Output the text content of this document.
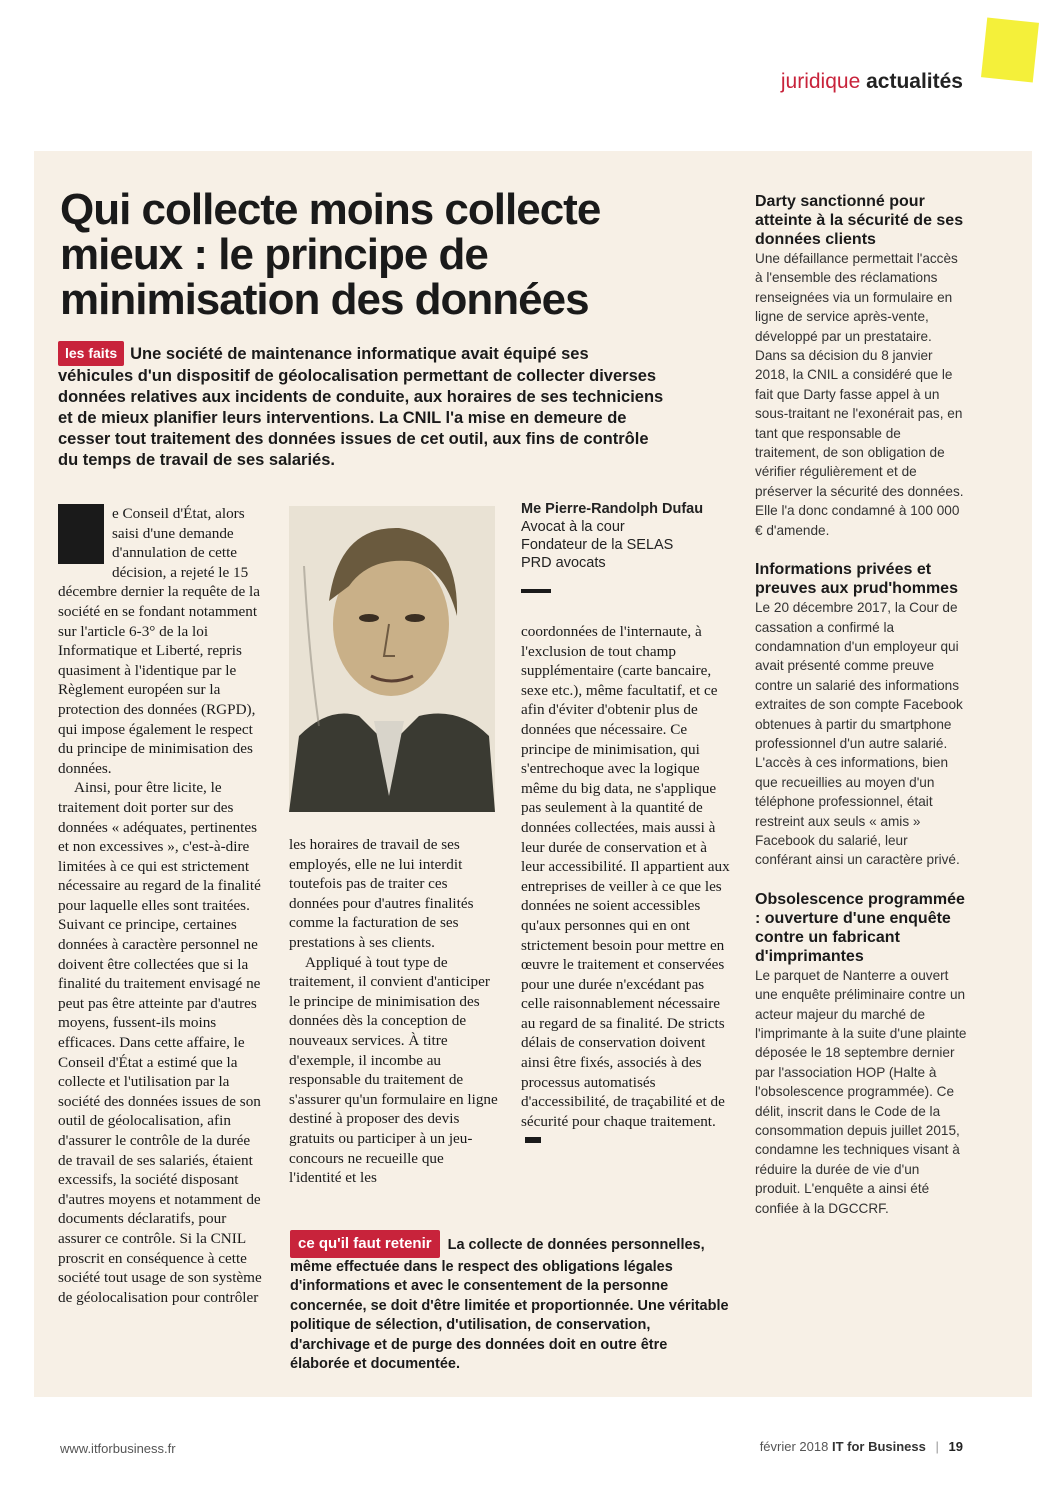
juridique actualités
Qui collecte moins collecte mieux : le principe de minimisation des données
les faits Une société de maintenance informatique avait équipé ses véhicules d'un dispositif de géolocalisation permettant de collecter diverses données relatives aux incidents de conduite, aux horaires de ses techniciens et de mieux planifier leurs interventions. La CNIL l'a mise en demeure de cesser tout traitement des données issues de cet outil, aux fins de contrôle du temps de travail de ses salariés.

L e Conseil d'État, alors saisi d'une demande d'annulation de cette décision, a rejeté le 15 décembre dernier la requête de la société en se fondant notamment sur l'article 6-3° de la loi Informatique et Liberté, repris quasiment à l'identique par le Règlement européen sur la protection des données (RGPD), qui impose également le respect du principe de minimisation des données.

Ainsi, pour être licite, le traitement doit porter sur des données « adéquates, pertinentes et non excessives », c'est-à-dire limitées à ce qui est strictement nécessaire au regard de la finalité pour laquelle elles sont traitées. Suivant ce principe, certaines données à caractère personnel ne doivent être collectées que si la finalité du traitement envisagé ne peut pas être atteinte par d'autres moyens, fussent-ils moins efficaces. Dans cette affaire, le Conseil d'État a estimé que la collecte et l'utilisation par la société des données issues de son outil de géolocalisation, afin d'assurer le contrôle de la durée de travail de ses salariés, étaient excessifs, la société disposant d'autres moyens et notamment de documents déclaratifs, pour assurer ce contrôle. Si la CNIL proscrit en conséquence à cette société tout usage de son système de géolocalisation pour contrôler

les horaires de travail de ses employés, elle ne lui interdit toutefois pas de traiter ces données pour d'autres finalités comme la facturation de ses prestations à ses clients.

Appliqué à tout type de traitement, il convient d'anticiper le principe de minimisation des données dès la conception de nouveaux services. À titre d'exemple, il incombe au responsable du traitement de s'assurer qu'un formulaire en ligne destiné à proposer des devis gratuits ou participer à un jeu-concours ne recueille que l'identité et les

Me Pierre-Randolph Dufau
Avocat à la cour
Fondateur de la SELAS
PRD avocats

coordonnées de l'internaute, à l'exclusion de tout champ supplémentaire (carte bancaire, sexe etc.), même facultatif, et ce afin d'éviter d'obtenir plus de données que nécessaire. Ce principe de minimisation, qui s'entrechoque avec la logique même du big data, ne s'applique pas seulement à la quantité de données collectées, mais aussi à leur durée de conservation et à leur accessibilité. Il appartient aux entreprises de veiller à ce que les données ne soient accessibles qu'aux personnes qui en ont strictement besoin pour mettre en œuvre le traitement et conservées pour une durée n'excédant pas celle raisonnablement nécessaire au regard de sa finalité. De stricts délais de conservation doivent ainsi être fixés, associés à des processus automatisés d'accessibilité, de traçabilité et de sécurité pour chaque traitement.

ce qu'il faut retenir La collecte de données personnelles, même effectuée dans le respect des obligations légales d'informations et avec le consentement de la personne concernée, se doit d'être limitée et proportionnée. Une véritable politique de sélection, d'utilisation, de conservation, d'archivage et de purge des données doit en outre être élaborée et documentée.
Darty sanctionné pour atteinte à la sécurité de ses données clients

Une défaillance permettait l'accès à l'ensemble des réclamations renseignées via un formulaire en ligne de service après-vente, développé par un prestataire. Dans sa décision du 8 janvier 2018, la CNIL a considéré que le fait que Darty fasse appel à un sous-traitant ne l'exonérait pas, en tant que responsable de traitement, de son obligation de vérifier régulièrement et de préserver la sécurité des données. Elle l'a donc condamné à 100 000 € d'amende.

Informations privées et preuves aux prud'hommes

Le 20 décembre 2017, la Cour de cassation a confirmé la condamnation d'un employeur qui avait présenté comme preuve contre un salarié des informations extraites de son compte Facebook obtenues à partir du smartphone professionnel d'un autre salarié. L'accès à ces informations, bien que recueillies au moyen d'un téléphone professionnel, était restreint aux seuls « amis » Facebook du salarié, leur conférant ainsi un caractère privé.

Obsolescence programmée : ouverture d'une enquête contre un fabricant d'imprimantes

Le parquet de Nanterre a ouvert une enquête préliminaire contre un acteur majeur du marché de l'imprimante à la suite d'une plainte déposée le 18 septembre dernier par l'association HOP (Halte à l'obsolescence programmée). Ce délit, inscrit dans le Code de la consommation depuis juillet 2015, condamne les techniques visant à réduire la durée de vie d'un produit. L'enquête a ainsi été confiée à la DGCCRF.

www.itforbusiness.fr	février 2018 IT for Business | 19
